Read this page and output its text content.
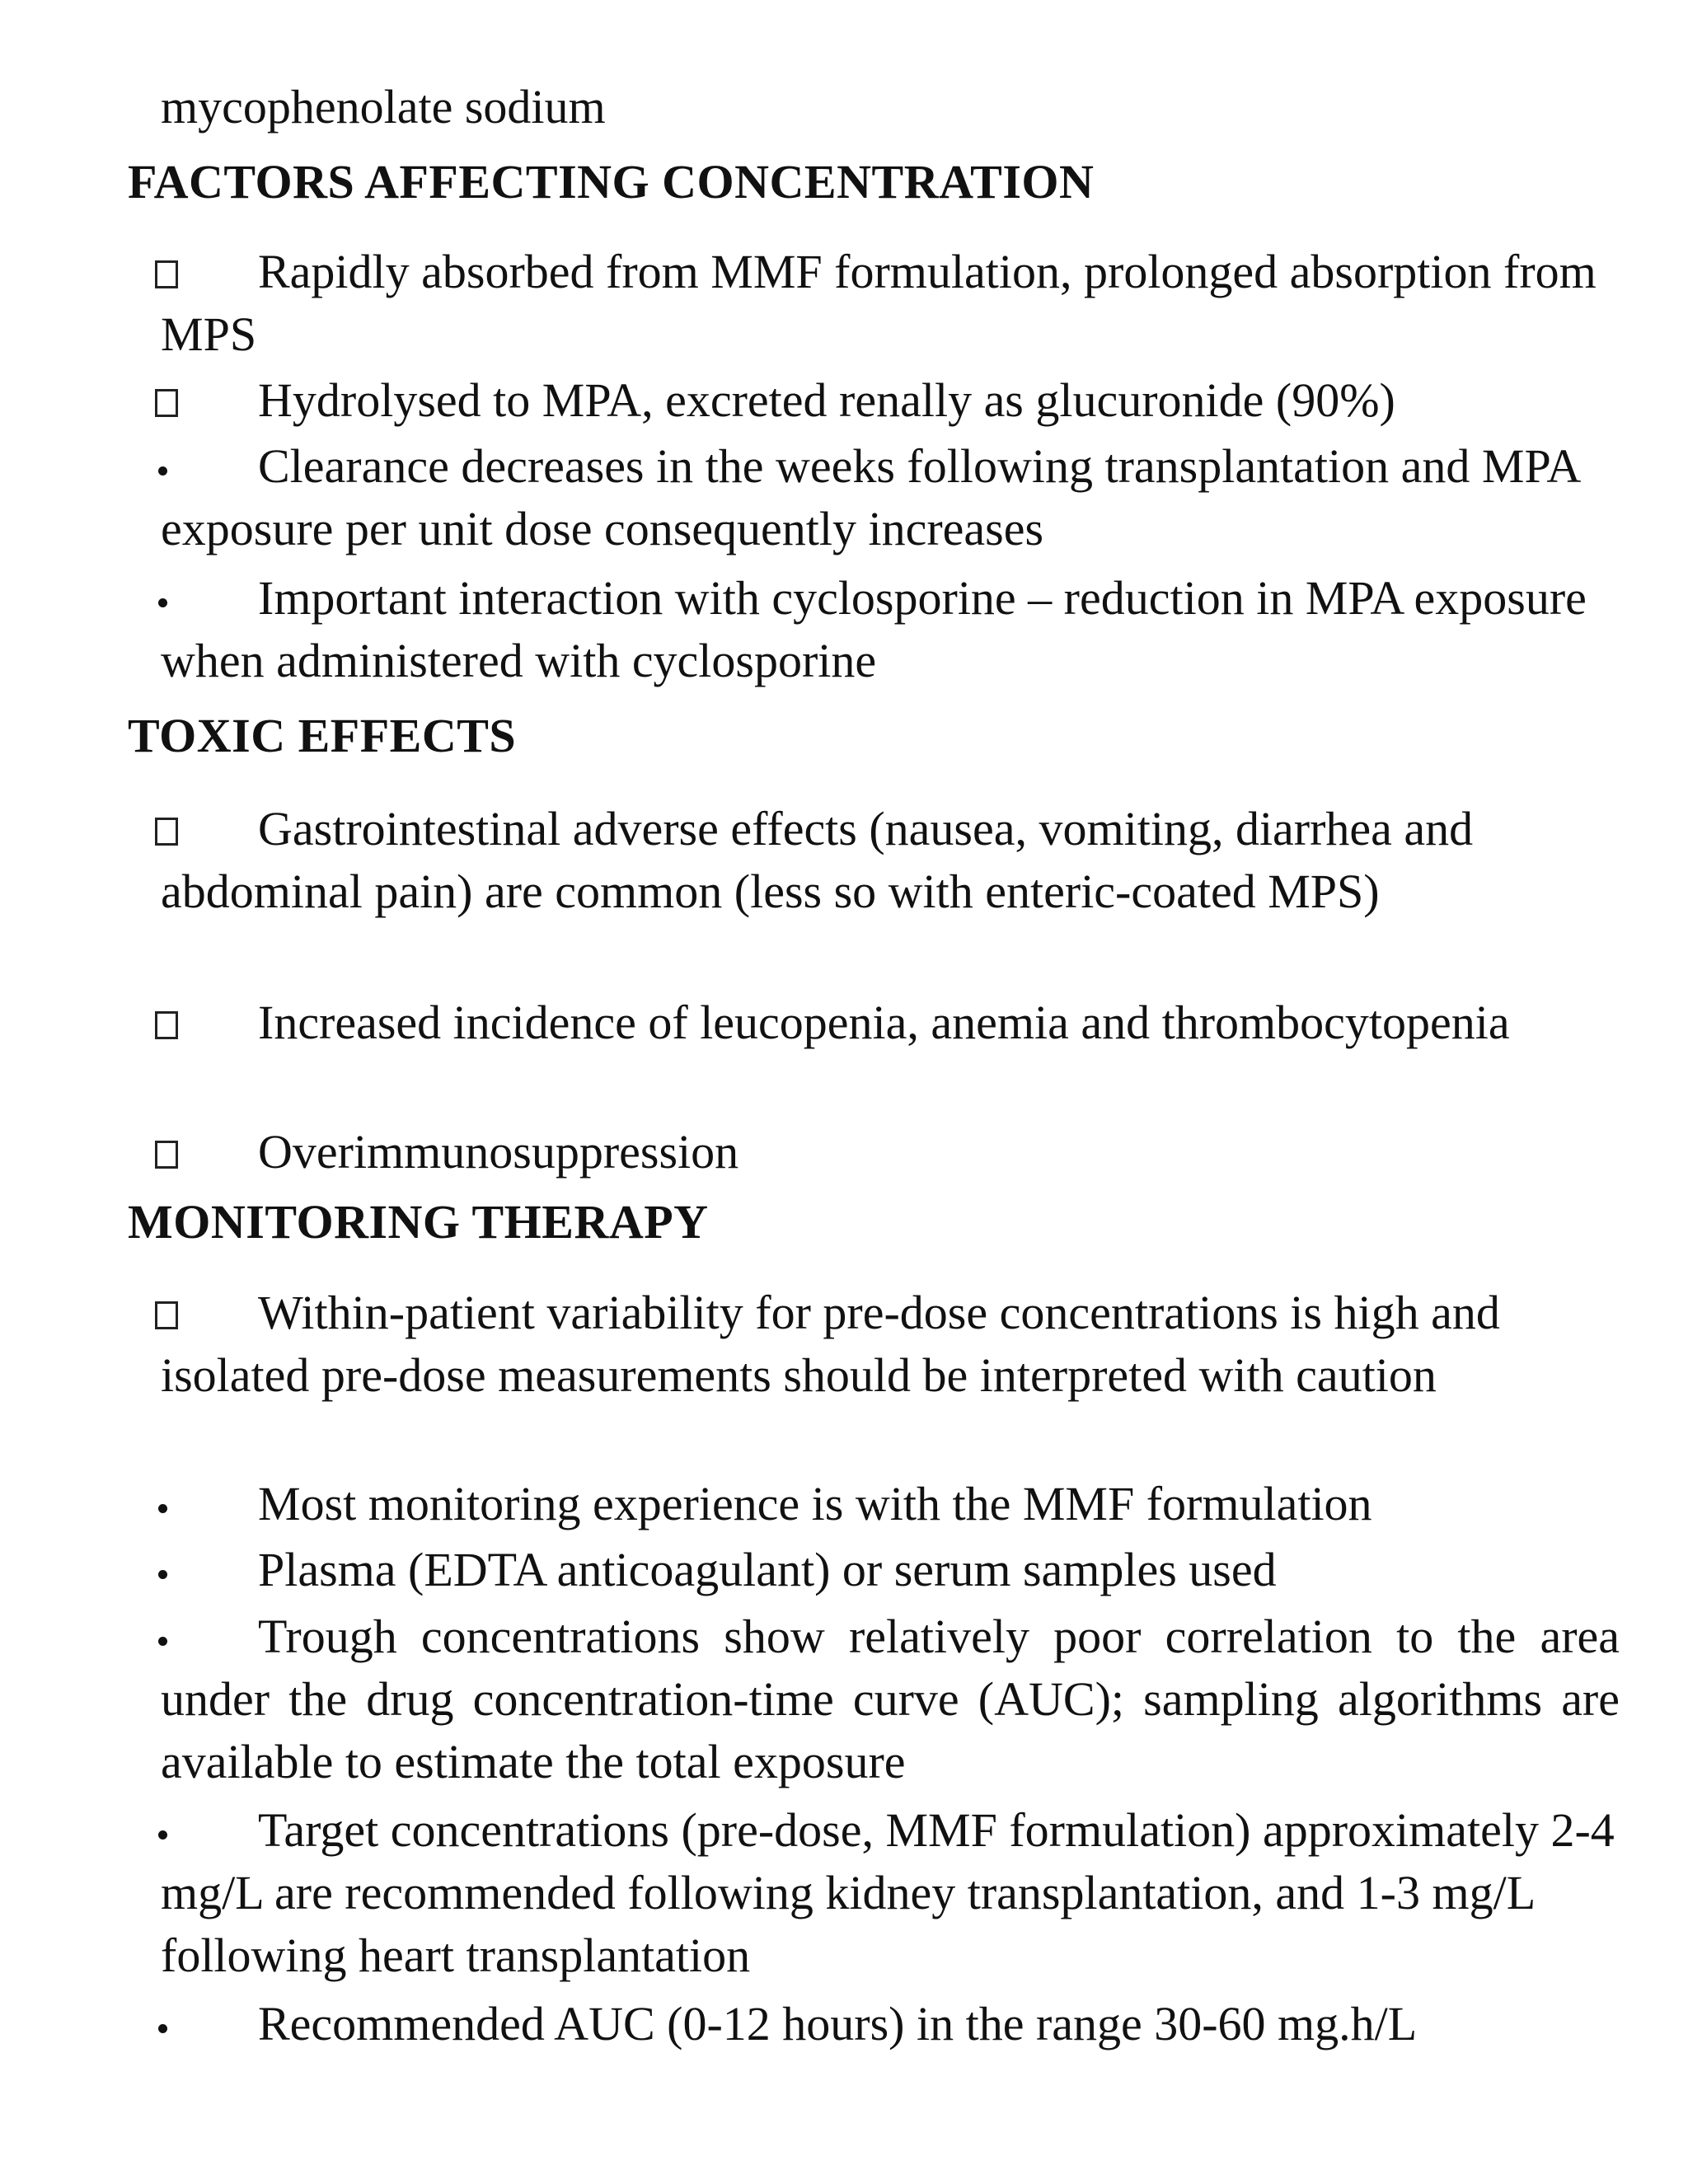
mycophenolate sodium
FACTORS AFFECTING CONCENTRATION
Rapidly absorbed from MMF formulation, prolonged absorption from MPS
Hydrolysed to MPA, excreted renally as glucuronide (90%)
Clearance decreases in the weeks following transplantation and MPA exposure per unit dose consequently increases
Important interaction with cyclosporine – reduction in MPA exposure when administered with cyclosporine
TOXIC EFFECTS
Gastrointestinal adverse effects (nausea, vomiting, diarrhea and abdominal pain) are common (less so with enteric-coated MPS)
Increased incidence of leucopenia, anemia and thrombocytopenia
Overimmunosuppression
MONITORING THERAPY
Within-patient variability for pre-dose concentrations is high and isolated pre-dose measurements should be interpreted with caution
Most monitoring experience is with the MMF formulation
Plasma (EDTA anticoagulant) or serum samples used
Trough concentrations show relatively poor correlation to the area under the drug concentration-time curve (AUC); sampling algorithms are available to estimate the total exposure
Target concentrations (pre-dose, MMF formulation) approximately 2-4 mg/L are recommended following kidney transplantation, and 1-3 mg/L following heart transplantation
Recommended AUC (0-12 hours) in the range 30-60 mg.h/L
